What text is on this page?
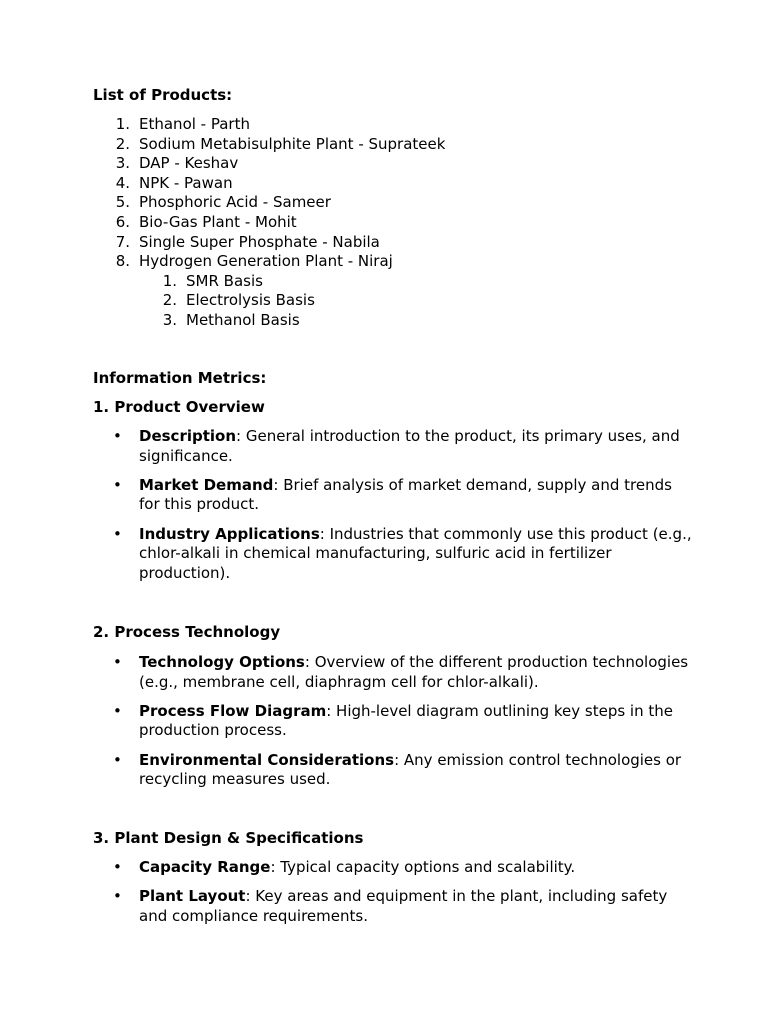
List of Products:

1. Ethanol - Parth
2. Sodium Metabisulphite Plant - Suprateek
3. DAP - Keshav
4. NPK - Pawan
5. Phosphoric Acid - Sameer
6. Bio-Gas Plant - Mohit
7. Single Super Phosphate - Nabila
8. Hydrogen Generation Plant - Niraj
1. SMR Basis
2. Electrolysis Basis
3. Methanol Basis

Information Metrics:

1. Product Overview

• Description: General introduction to the product, its primary uses, and significance.
• Market Demand: Brief analysis of market demand, supply and trends for this product.
• Industry Applications: Industries that commonly use this product (e.g., chlor-alkali in chemical manufacturing, sulfuric acid in fertilizer production).

2. Process Technology

• Technology Options: Overview of the different production technologies (e.g., membrane cell, diaphragm cell for chlor-alkali).
• Process Flow Diagram: High-level diagram outlining key steps in the production process.
• Environmental Considerations: Any emission control technologies or recycling measures used.

3. Plant Design & Specifications

• Capacity Range: Typical capacity options and scalability.
• Plant Layout: Key areas and equipment in the plant, including safety and compliance requirements.
